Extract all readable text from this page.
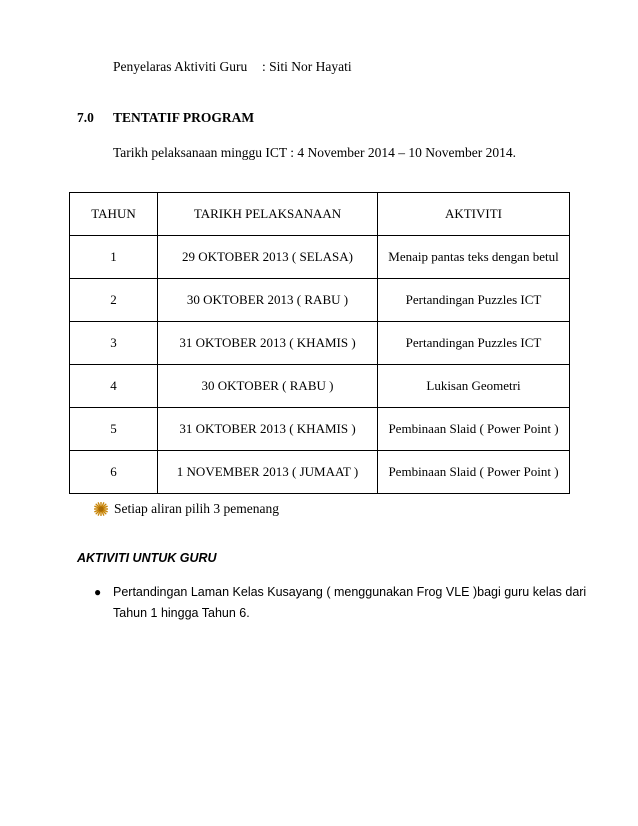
Penyelaras Aktiviti Guru : Siti Nor Hayati
7.0 TENTATIF PROGRAM
Tarikh pelaksanaan minggu ICT : 4 November 2014 – 10 November 2014.
TAHUN	TARIKH PELAKSANAAN	AKTIVITI
1	29 OKTOBER 2013 ( SELASA)	Menaip pantas teks dengan betul
2	30 OKTOBER 2013 ( RABU )	Pertandingan Puzzles ICT
3	31 OKTOBER 2013 ( KHAMIS )	Pertandingan Puzzles ICT
4	30 OKTOBER ( RABU )	Lukisan Geometri
5	31 OKTOBER 2013 ( KHAMIS )	Pembinaan Slaid ( Power Point )
6	1 NOVEMBER 2013 ( JUMAAT )	Pembinaan Slaid ( Power Point )
Setiap aliran pilih 3 pemenang
AKTIVITI UNTUK GURU
● Pertandingan Laman Kelas Kusayang ( menggunakan Frog VLE )bagi guru kelas dari Tahun 1 hingga Tahun 6.
